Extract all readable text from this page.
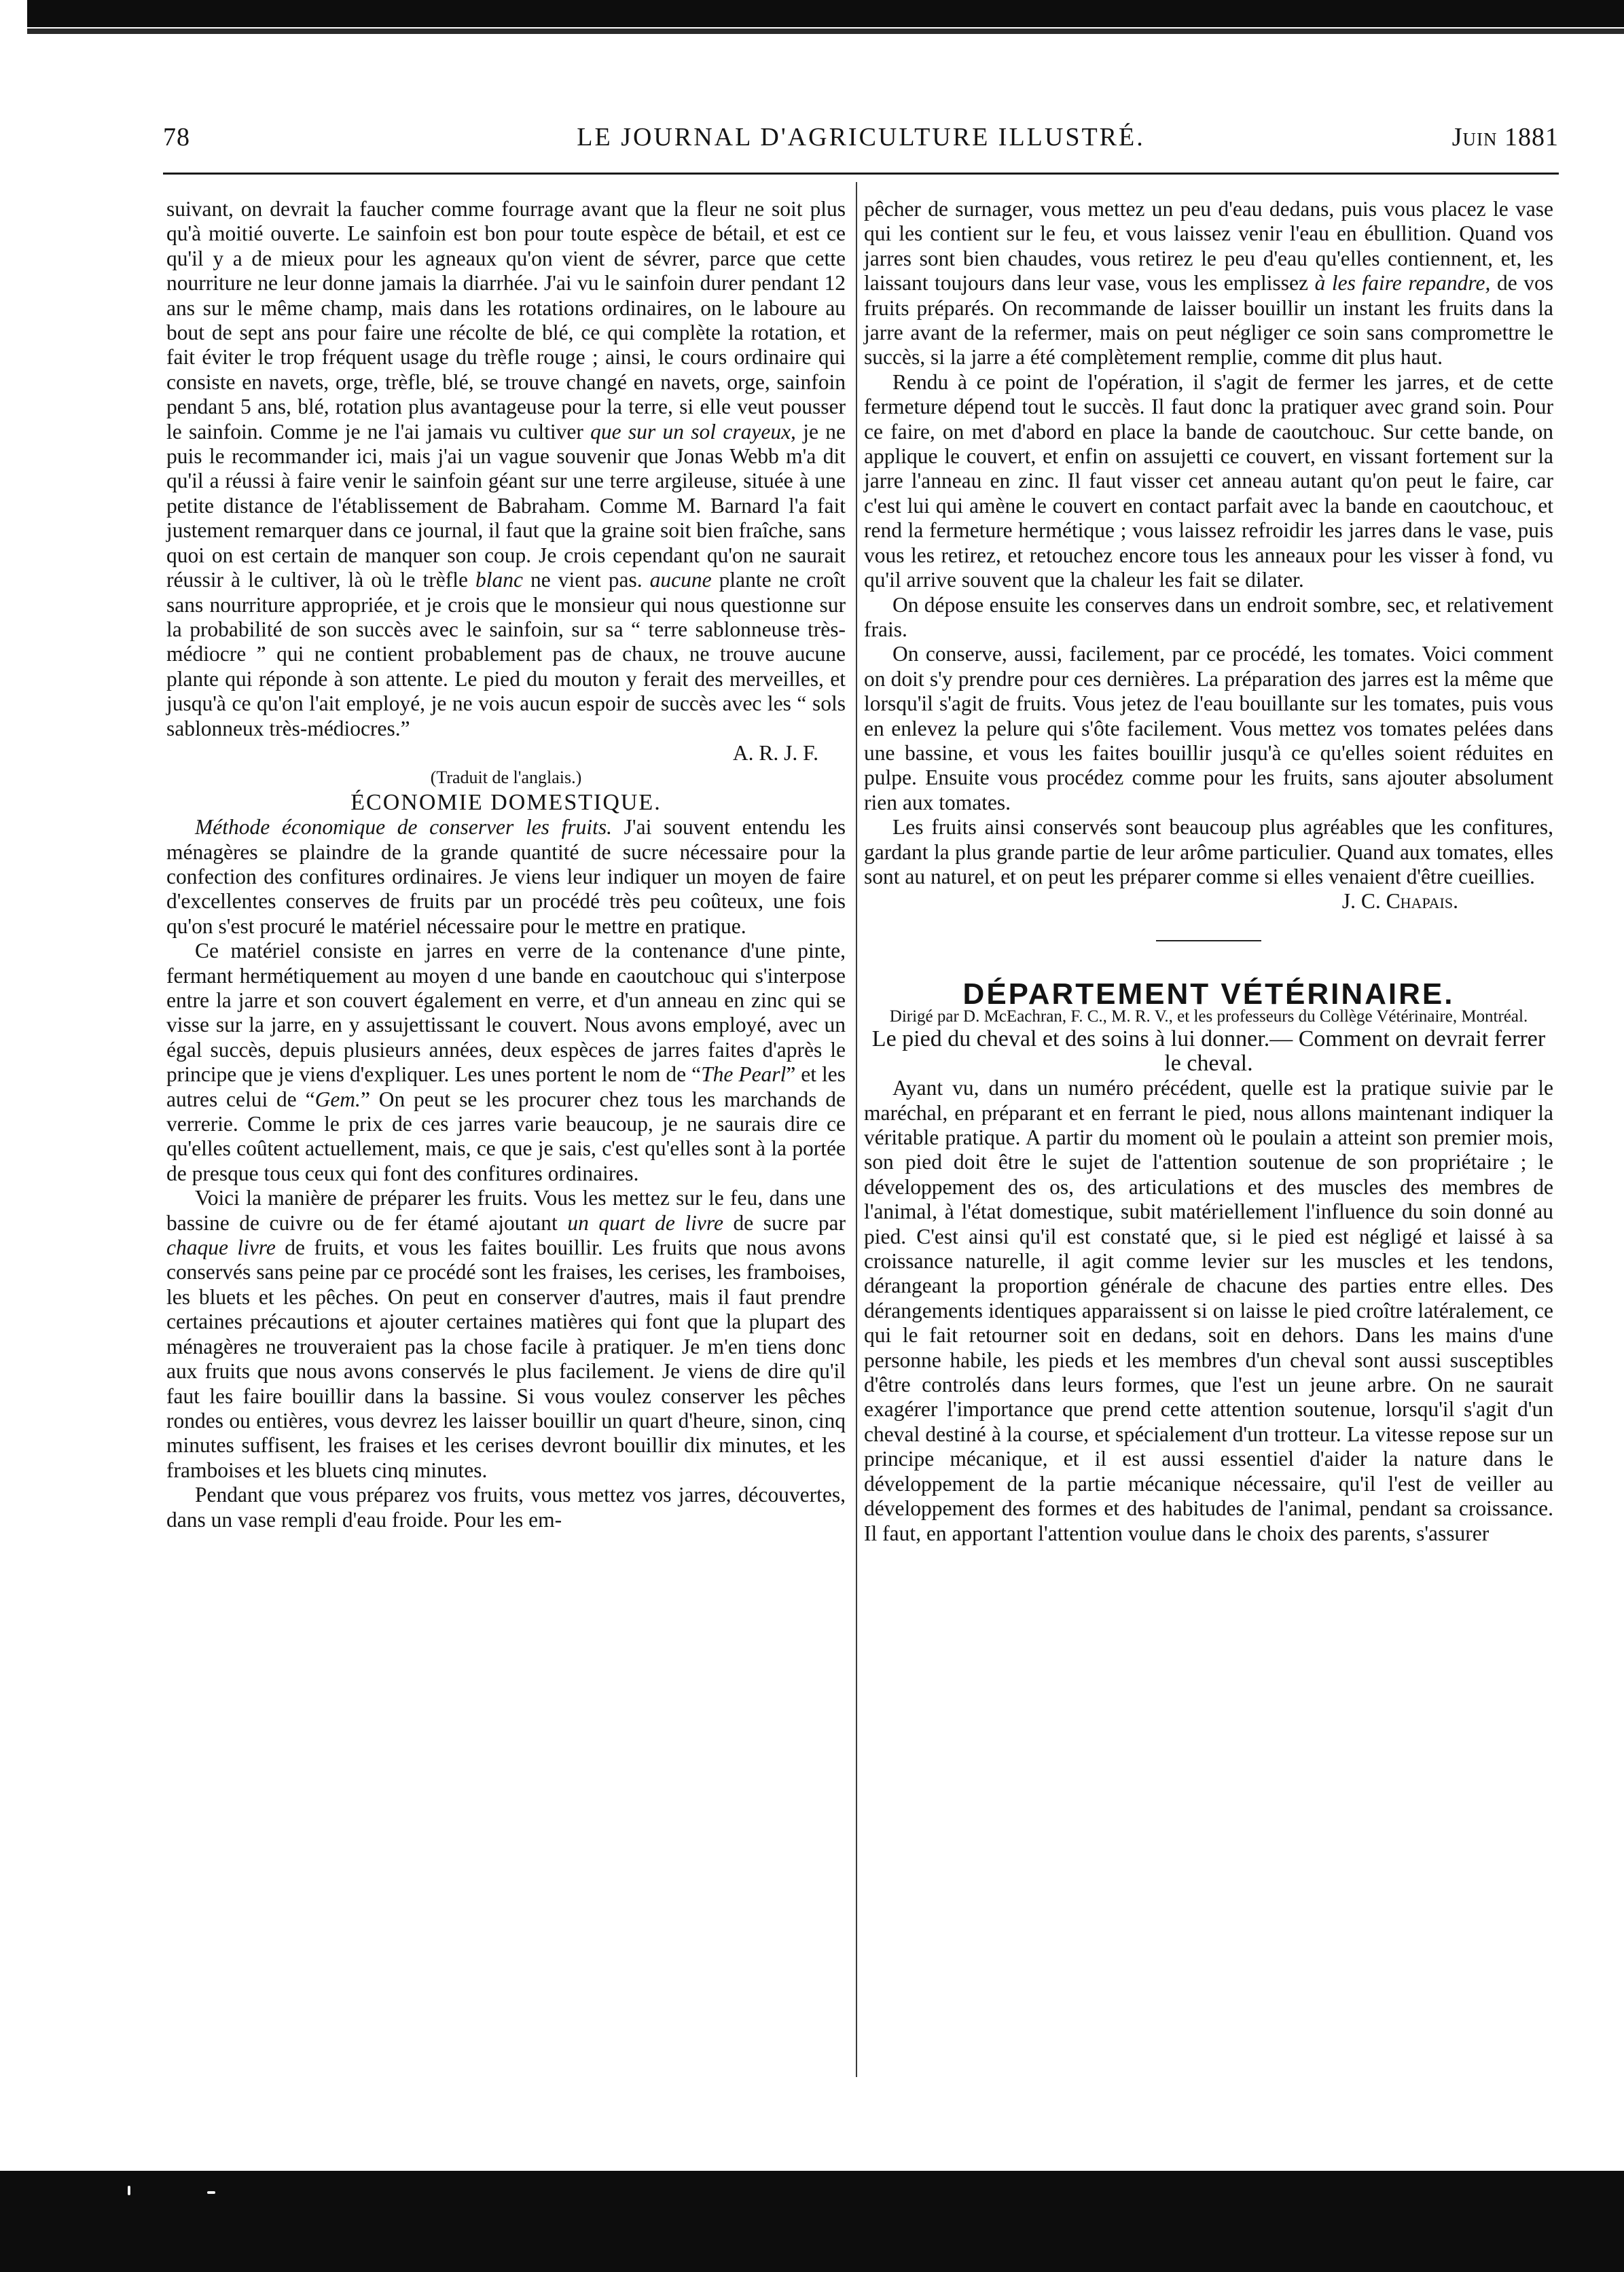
78	LE JOURNAL D'AGRICULTURE ILLUSTRÉ.	Juin 1881

suivant, on devrait la faucher comme fourrage avant que la fleur ne soit plus qu'à moitié ouverte. Le sainfoin est bon pour toute espèce de bétail, et est ce qu'il y a de mieux pour les agneaux qu'on vient de sévrer, parce que cette nourriture ne leur donne jamais la diarrhée. J'ai vu le sainfoin durer pendant 12 ans sur le même champ, mais dans les rotations ordinaires, on le laboure au bout de sept ans pour faire une récolte de blé, ce qui complète la rotation, et fait éviter le trop fréquent usage du trèfle rouge ; ainsi, le cours ordinaire qui consiste en navets, orge, trèfle, blé, se trouve changé en navets, orge, sainfoin pendant 5 ans, blé, rotation plus avantageuse pour la terre, si elle veut pousser le sainfoin. Comme je ne l'ai jamais vu cultiver que sur un sol crayeux, je ne puis le recommander ici, mais j'ai un vague souvenir que Jonas Webb m'a dit qu'il a réussi à faire venir le sainfoin géant sur une terre argileuse, située à une petite distance de l'établissement de Babraham. Comme M. Barnard l'a fait justement remarquer dans ce journal, il faut que la graine soit bien fraîche, sans quoi on est certain de manquer son coup. Je crois cependant qu'on ne saurait réussir à le cultiver, là où le trèfle blanc ne vient pas. aucune plante ne croît sans nourriture appropriée, et je crois que le monsieur qui nous questionne sur la probabilité de son succès avec le sainfoin, sur sa “ terre sablonneuse très-médiocre ” qui ne contient probablement pas de chaux, ne trouve aucune plante qui réponde à son attente. Le pied du mouton y ferait des merveilles, et jusqu'à ce qu'on l'ait employé, je ne vois aucun espoir de succès avec les “ sols sablonneux très-médiocres.”

A. R. J. F.

(Traduit de l'anglais.)

ÉCONOMIE DOMESTIQUE.

Méthode économique de conserver les fruits. J'ai souvent entendu les ménagères se plaindre de la grande quantité de sucre nécessaire pour la confection des confitures ordinaires. Je viens leur indiquer un moyen de faire d'excellentes conserves de fruits par un procédé très peu coûteux, une fois qu'on s'est procuré le matériel nécessaire pour le mettre en pratique.

Ce matériel consiste en jarres en verre de la contenance d'une pinte, fermant hermétiquement au moyen d une bande en caoutchouc qui s'interpose entre la jarre et son couvert également en verre, et d'un anneau en zinc qui se visse sur la jarre, en y assujettissant le couvert. Nous avons employé, avec un égal succès, depuis plusieurs années, deux espèces de jarres faites d'après le principe que je viens d'expliquer. Les unes portent le nom de “The Pearl” et les autres celui de “Gem.” On peut se les procurer chez tous les marchands de verrerie. Comme le prix de ces jarres varie beaucoup, je ne saurais dire ce qu'elles coûtent actuellement, mais, ce que je sais, c'est qu'elles sont à la portée de presque tous ceux qui font des confitures ordinaires.

Voici la manière de préparer les fruits. Vous les mettez sur le feu, dans une bassine de cuivre ou de fer étamé ajoutant un quart de livre de sucre par chaque livre de fruits, et vous les faites bouillir. Les fruits que nous avons conservés sans peine par ce procédé sont les fraises, les cerises, les framboises, les bluets et les pêches. On peut en conserver d'autres, mais il faut prendre certaines précautions et ajouter certaines matières qui font que la plupart des ménagères ne trouveraient pas la chose facile à pratiquer. Je m'en tiens donc aux fruits que nous avons conservés le plus facilement. Je viens de dire qu'il faut les faire bouillir dans la bassine. Si vous voulez conserver les pêches rondes ou entières, vous devrez les laisser bouillir un quart d'heure, sinon, cinq minutes suffisent, les fraises et les cerises devront bouillir dix minutes, et les framboises et les bluets cinq minutes.

Pendant que vous préparez vos fruits, vous mettez vos jarres, découvertes, dans un vase rempli d'eau froide. Pour les em-

pêcher de surnager, vous mettez un peu d'eau dedans, puis vous placez le vase qui les contient sur le feu, et vous laissez venir l'eau en ébullition. Quand vos jarres sont bien chaudes, vous retirez le peu d'eau qu'elles contiennent, et, les laissant toujours dans leur vase, vous les emplissez à les faire repandre, de vos fruits préparés. On recommande de laisser bouillir un instant les fruits dans la jarre avant de la refermer, mais on peut négliger ce soin sans compromettre le succès, si la jarre a été complètement remplie, comme dit plus haut.

Rendu à ce point de l'opération, il s'agit de fermer les jarres, et de cette fermeture dépend tout le succès. Il faut donc la pratiquer avec grand soin. Pour ce faire, on met d'abord en place la bande de caoutchouc. Sur cette bande, on applique le couvert, et enfin on assujetti ce couvert, en vissant fortement sur la jarre l'anneau en zinc. Il faut visser cet anneau autant qu'on peut le faire, car c'est lui qui amène le couvert en contact parfait avec la bande en caoutchouc, et rend la fermeture hermétique ; vous laissez refroidir les jarres dans le vase, puis vous les retirez, et retouchez encore tous les anneaux pour les visser à fond, vu qu'il arrive souvent que la chaleur les fait se dilater.

On dépose ensuite les conserves dans un endroit sombre, sec, et relativement frais.

On conserve, aussi, facilement, par ce procédé, les tomates. Voici comment on doit s'y prendre pour ces dernières. La préparation des jarres est la même que lorsqu'il s'agit de fruits. Vous jetez de l'eau bouillante sur les tomates, puis vous en enlevez la pelure qui s'ôte facilement. Vous mettez vos tomates pelées dans une bassine, et vous les faites bouillir jusqu'à ce qu'elles soient réduites en pulpe. Ensuite vous procédez comme pour les fruits, sans ajouter absolument rien aux tomates.

Les fruits ainsi conservés sont beaucoup plus agréables que les confitures, gardant la plus grande partie de leur arôme particulier. Quand aux tomates, elles sont au naturel, et on peut les préparer comme si elles venaient d'être cueillies.

J. C. Chapais.

DÉPARTEMENT VÉTÉRINAIRE.

Dirigé par D. McEachran, F. C., M. R. V., et les professeurs du Collège Vétérinaire, Montréal.

Le pied du cheval et des soins à lui donner.— Comment on devrait ferrer le cheval.

Ayant vu, dans un numéro précédent, quelle est la pratique suivie par le maréchal, en préparant et en ferrant le pied, nous allons maintenant indiquer la véritable pratique. A partir du moment où le poulain a atteint son premier mois, son pied doit être le sujet de l'attention soutenue de son propriétaire ; le développement des os, des articulations et des muscles des membres de l'animal, à l'état domestique, subit matériellement l'influence du soin donné au pied. C'est ainsi qu'il est constaté que, si le pied est négligé et laissé à sa croissance naturelle, il agit comme levier sur les muscles et les tendons, dérangeant la proportion générale de chacune des parties entre elles. Des dérangements identiques apparaissent si on laisse le pied croître latéralement, ce qui le fait retourner soit en dedans, soit en dehors. Dans les mains d'une personne habile, les pieds et les membres d'un cheval sont aussi susceptibles d'être controlés dans leurs formes, que l'est un jeune arbre. On ne saurait exagérer l'importance que prend cette attention soutenue, lorsqu'il s'agit d'un cheval destiné à la course, et spécialement d'un trotteur. La vitesse repose sur un principe mécanique, et il est aussi essentiel d'aider la nature dans le développement de la partie mécanique nécessaire, qu'il l'est de veiller au développement des formes et des habitudes de l'animal, pendant sa croissance. Il faut, en apportant l'attention voulue dans le choix des parents, s'assurer
